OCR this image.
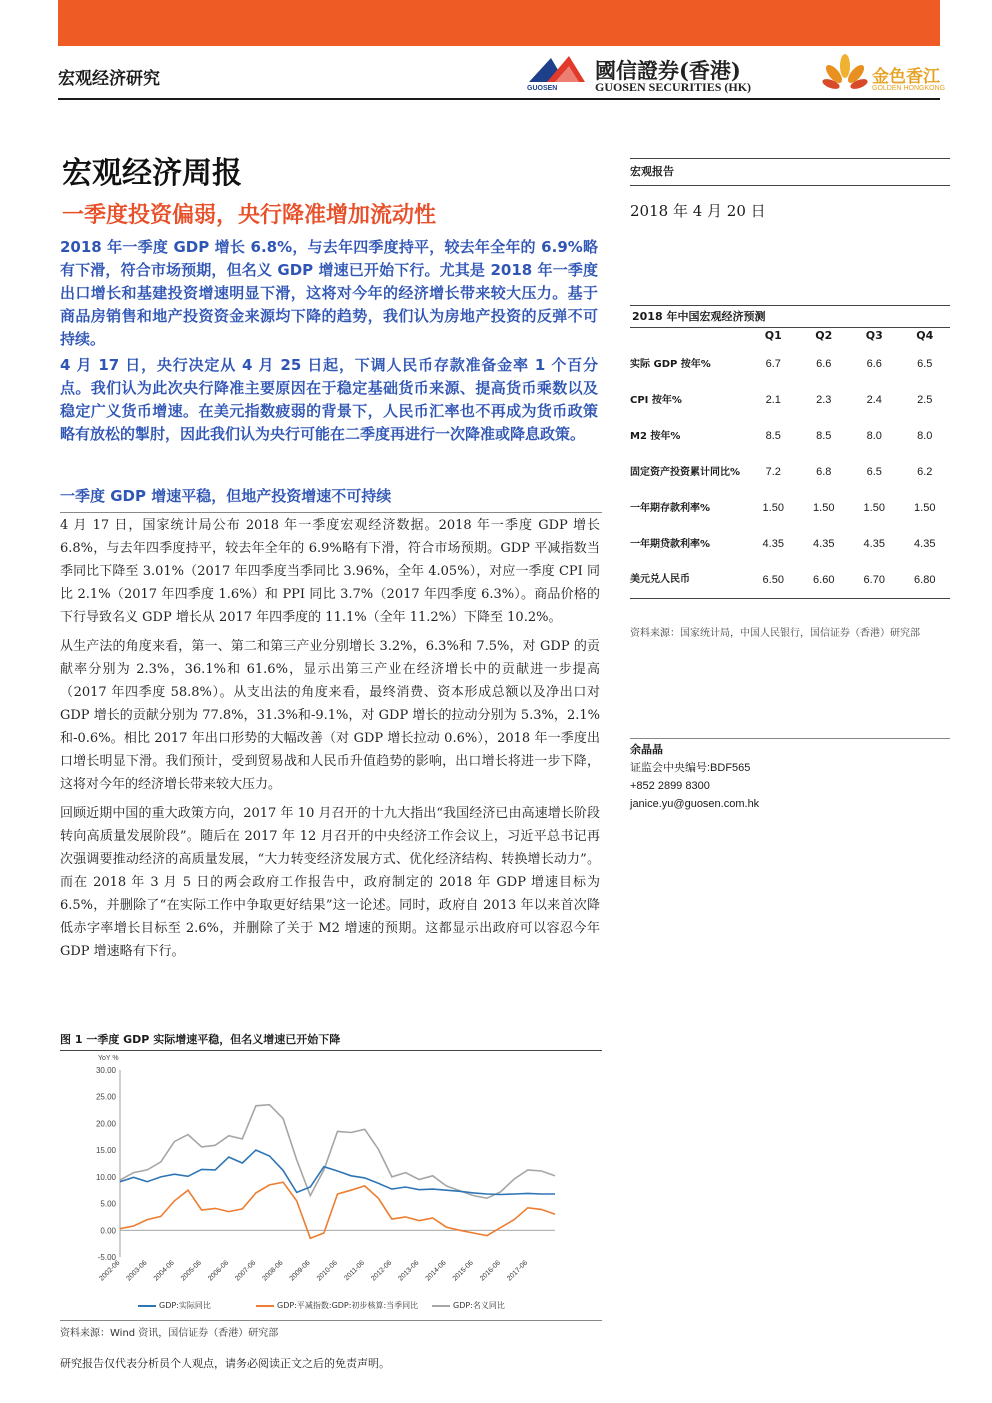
宏观经济研究	GUOSEN
國信證券(香港)
GUOSEN SECURITIES (HK)	金色香江
GOLDEN HONGKONG
宏观经济周报
一季度投资偏弱，央行降准增加流动性

2018 年一季度 GDP 增长 6.8%，与去年四季度持平，较去年全年的 6.9%略有下滑，符合市场预期，但名义 GDP 增速已开始下行。尤其是 2018 年一季度出口增长和基建投资增速明显下滑，这将对今年的经济增长带来较大压力。基于商品房销售和地产投资资金来源均下降的趋势，我们认为房地产投资的反弹不可持续。

4 月 17 日，央行决定从 4 月 25 日起，下调人民币存款准备金率 1 个百分点。我们认为此次央行降准主要原因在于稳定基础货币来源、提高货币乘数以及稳定广义货币增速。在美元指数疲弱的背景下，人民币汇率也不再成为货币政策略有放松的掣肘，因此我们认为央行可能在二季度再进行一次降准或降息政策。

一季度 GDP 增速平稳，但地产投资增速不可持续

4 月 17 日，国家统计局公布 2018 年一季度宏观经济数据。2018 年一季度 GDP 增长 6.8%，与去年四季度持平，较去年全年的 6.9%略有下滑，符合市场预期。GDP 平减指数当季同比下降至 3.01%（2017 年四季度当季同比 3.96%，全年 4.05%），对应一季度 CPI 同比 2.1%（2017 年四季度 1.6%）和 PPI 同比 3.7%（2017 年四季度 6.3%）。商品价格的下行导致名义 GDP 增长从 2017 年四季度的 11.1%（全年 11.2%）下降至 10.2%。

从生产法的角度来看，第一、第二和第三产业分别增长 3.2%，6.3%和 7.5%，对 GDP 的贡献率分别为 2.3%，36.1%和 61.6%，显示出第三产业在经济增长中的贡献进一步提高（2017 年四季度 58.8%）。从支出法的角度来看，最终消费、资本形成总额以及净出口对 GDP 增长的贡献分别为 77.8%，31.3%和-9.1%，对 GDP 增长的拉动分别为 5.3%，2.1%和-0.6%。相比 2017 年出口形势的大幅改善（对 GDP 增长拉动 0.6%），2018 年一季度出口增长明显下滑。我们预计，受到贸易战和人民币升值趋势的影响，出口增长将进一步下降，这将对今年的经济增长带来较大压力。

回顾近期中国的重大政策方向，2017 年 10 月召开的十九大指出“我国经济已由高速增长阶段转向高质量发展阶段”。随后在 2017 年 12 月召开的中央经济工作会议上，习近平总书记再次强调要推动经济的高质量发展，“大力转变经济发展方式、优化经济结构、转换增长动力”。而在 2018 年 3 月 5 日的两会政府工作报告中，政府制定的 2018 年 GDP 增速目标为 6.5%，并删除了“在实际工作中争取更好结果”这一论述。同时，政府自 2013 年以来首次降低赤字率增长目标至 2.6%，并删除了关于 M2 增速的预期。这都显示出政府可以容忍今年 GDP 增速略有下行。

图 1 一季度 GDP 实际增速平稳，但名义增速已开始下降
YoY %
30.00
25.00
20.00
15.00
10.00
5.00
0.00
-5.00
2002-06 2003-06 2004-06 2005-06 2006-06 2007-06 2008-06 2009-06 2010-06 2011-06 2012-06 2013-06 2014-06 2015-06 2016-06 2017-06
GDP:实际同比	GDP:平减指数:GDP:初步核算:当季同比	GDP:名义同比
资料来源：Wind 资讯，国信证券（香港）研究部
研究报告仅代表分析员个人观点，请务必阅读正文之后的免责声明。
宏观报告
2018 年 4 月 20 日
2018 年中国宏观经济预测
	Q1	Q2	Q3	Q4
实际 GDP 按年%	6.7	6.6	6.6	6.5
CPI 按年%	2.1	2.3	2.4	2.5
M2 按年%	8.5	8.5	8.0	8.0
固定资产投资累计同比%	7.2	6.8	6.5	6.2
一年期存款利率%	1.50	1.50	1.50	1.50
一年期贷款利率%	4.35	4.35	4.35	4.35
美元兑人民币	6.50	6.60	6.70	6.80
资料来源：国家统计局，中国人民银行，国信证券（香港）研究部
余晶晶
证监会中央编号:BDF565
+852 2899 8300
janice.yu@guosen.com.hk
